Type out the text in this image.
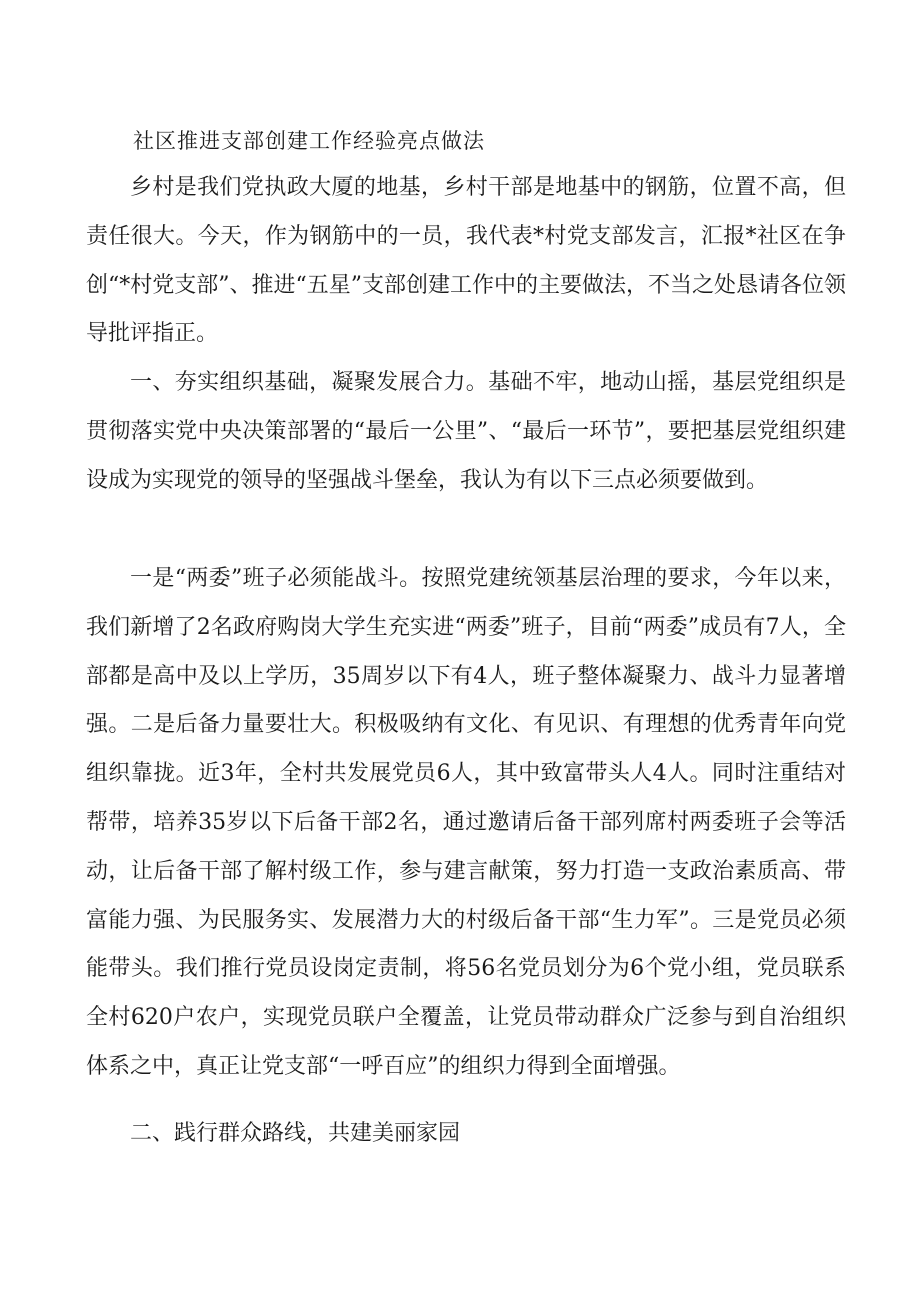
社区推进支部创建工作经验亮点做法

乡村是我们党执政大厦的地基，乡村干部是地基中的钢筋，位置不高，但责任很大。今天，作为钢筋中的一员，我代表*村党支部发言，汇报*社区在争创“*村党支部”、推进“五星”支部创建工作中的主要做法，不当之处恳请各位领导批评指正。

一、夯实组织基础，凝聚发展合力。基础不牢，地动山摇，基层党组织是贯彻落实党中央决策部署的“最后一公里”、“最后一环节”，要把基层党组织建设成为实现党的领导的坚强战斗堡垒，我认为有以下三点必须要做到。

一是“两委”班子必须能战斗。按照党建统领基层治理的要求，今年以来，我们新增了2名政府购岗大学生充实进“两委”班子，目前“两委”成员有7人，全部都是高中及以上学历，35周岁以下有4人，班子整体凝聚力、战斗力显著增强。二是后备力量要壮大。积极吸纳有文化、有见识、有理想的优秀青年向党组织靠拢。近3年，全村共发展党员6人，其中致富带头人4人。同时注重结对帮带，培养35岁以下后备干部2名，通过邀请后备干部列席村两委班子会等活动，让后备干部了解村级工作，参与建言献策，努力打造一支政治素质高、带富能力强、为民服务实、发展潜力大的村级后备干部“生力军”。三是党员必须能带头。我们推行党员设岗定责制，将56名党员划分为6个党小组，党员联系全村620户农户，实现党员联户全覆盖，让党员带动群众广泛参与到自治组织体系之中，真正让党支部“一呼百应”的组织力得到全面增强。

二、践行群众路线，共建美丽家园
